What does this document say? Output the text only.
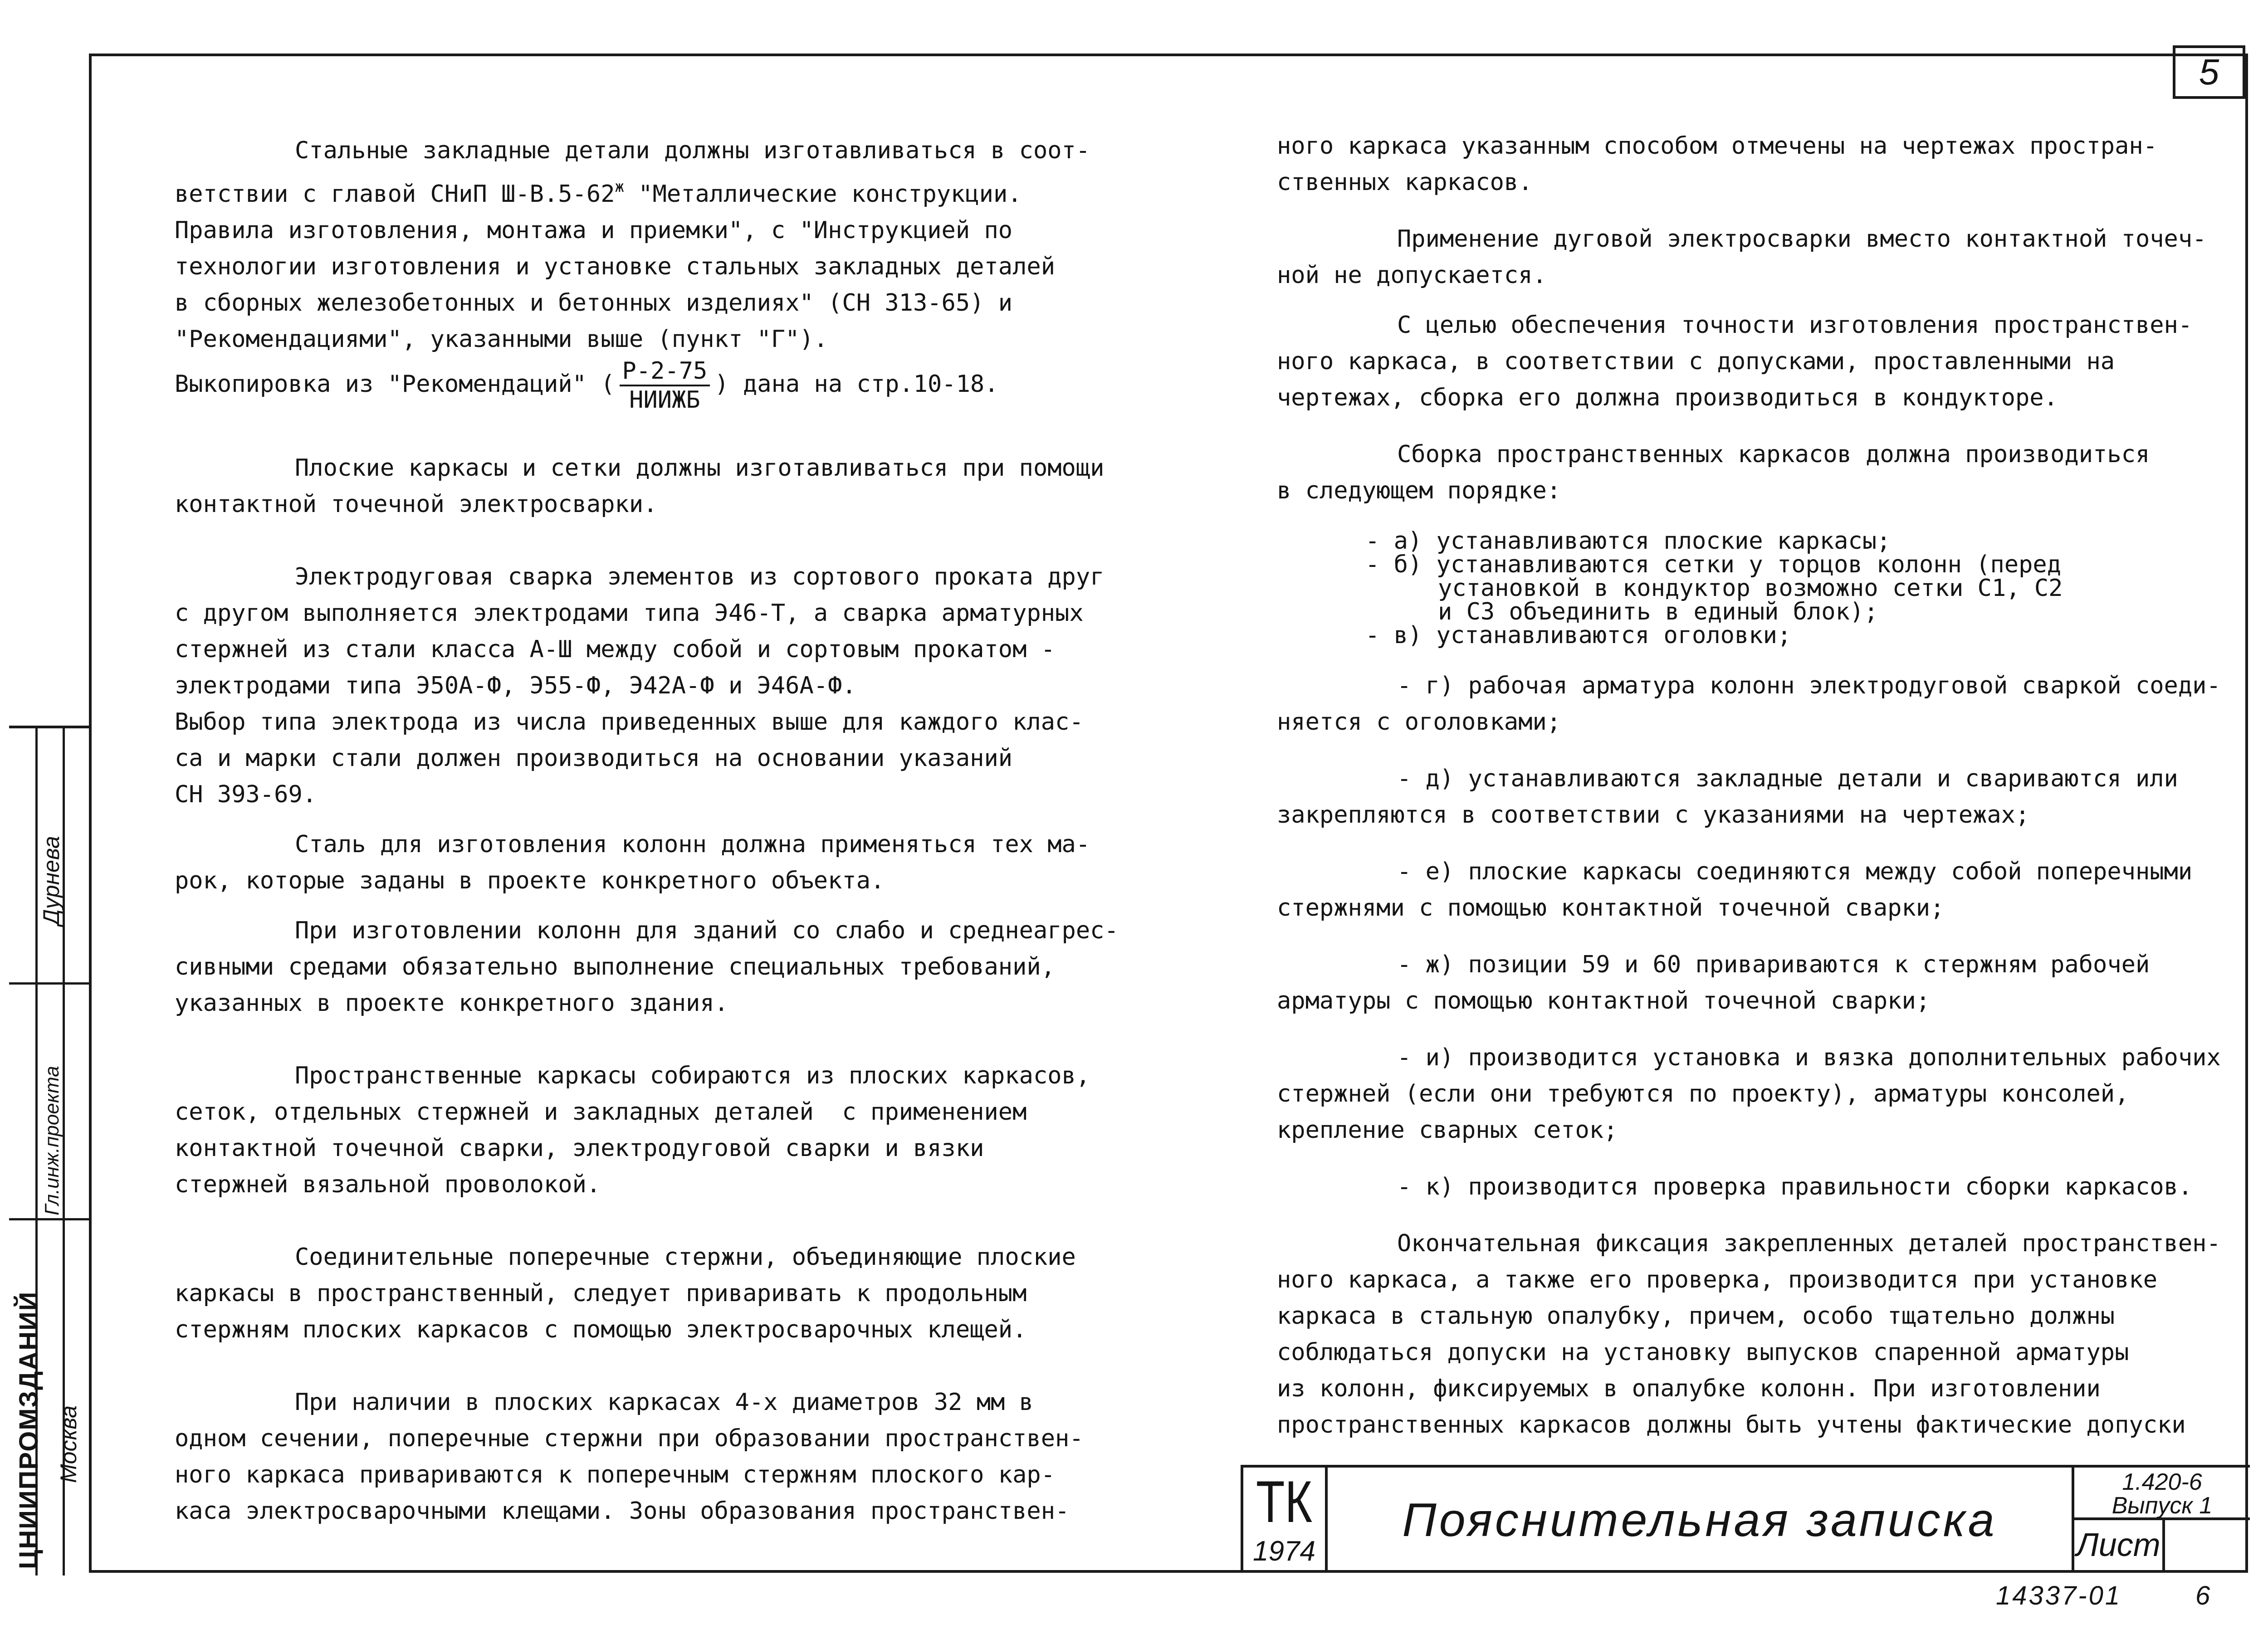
5

Стальные закладные детали должны изготавливаться в соот-

ветствии с главой СНиП $Ш-В.5-62^ж$ "Металлические конструкции.

Правила изготовления, монтажа и приемки", с "Инструкцией по

технологии изготовления и установке стальных закладных деталей

в сборных железобетонных и бетонных изделиях" (СН 313-65) и

"Рекомендациями", указанными выше (пункт "Г").

Выкопировка из "Рекомендаций" ( $\frac{Р-2-75}{\text{НИИЖБ}}$ ) дана на стр.10-18.

Плоские каркасы и сетки должны изготавливаться при помощи

контактной точечной электросварки.

Электродуговая сварка элементов из сортового проката друг

с другом выполняется электродами типа Э46-Т, а сварка арматурных

стержней из стали класса А-Ш между собой и сортовым прокатом -

электродами типа Э50А-Ф, Э55-Ф, Э42А-Ф и Э46А-Ф.

Выбор типа электрода из числа приведенных выше для каждого клас-

са и марки стали должен производиться на основании указаний

СН 393-69.

Сталь для изготовления колонн должна применяться тех ма-

рок, которые заданы в проекте конкретного объекта.

При изготовлении колонн для зданий со слабо и среднеагрес-

сивными средами обязательно выполнение специальных требований,

указанных в проекте конкретного здания.

Пространственные каркасы собираются из плоских каркасов,

сеток, отдельных стержней и закладных деталей  с применением

контактной точечной сварки, электродуговой сварки и вязки

стержней вязальной проволокой.

Соединительные поперечные стержни, объединяющие плоские

каркасы в пространственный, следует приваривать к продольным

стержням плоских каркасов с помощью электросварочных клещей.

При наличии в плоских каркасах 4-х диаметров 32 мм в

одном сечении, поперечные стержни при образовании пространствен-

ного каркаса привариваются к поперечным стержням плоского кар-

каса электросварочными клещами. Зоны образования пространствен-

ного каркаса указанным способом отмечены на чертежах простран-

ственных каркасов.

Применение дуговой электросварки вместо контактной точеч-

ной не допускается.

С целью обеспечения точности изготовления пространствен-

ного каркаса, в соответствии с допусками, проставленными на

чертежах, сборка его должна производиться в кондукторе.

Сборка пространственных каркасов должна производиться

в следующем порядке:

- а) устанавливаются плоские каркасы;

- б) устанавливаются сетки у торцов колонн (перед

установкой в кондуктор возможно сетки С1, С2

и С3 объединить в единый блок);

- в) устанавливаются оголовки;

- г) рабочая арматура колонн электродуговой сваркой соеди-

няется с оголовками;

- д) устанавливаются закладные детали и свариваются или

закрепляются в соответствии с указаниями на чертежах;

- е) плоские каркасы соединяются между собой поперечными

стержнями с помощью контактной точечной сварки;

- ж) позиции 59 и 60 привариваются к стержням рабочей

арматуры с помощью контактной точечной сварки;

- и) производится установка и вязка дополнительных рабочих

стержней (если они требуются по проекту), арматуры консолей,

крепление сварных сеток;

- к) производится проверка правильности сборки каркасов.

Окончательная фиксация закрепленных деталей пространствен-

ного каркаса, а также его проверка, производится при установке

каркаса в стальную опалубку, причем, особо тщательно должны

соблюдаться допуски на установку выпусков спаренной арматуры

из колонн, фиксируемых в опалубке колонн. При изготовлении

пространственных каркасов должны быть учтены фактические допуски

ТК
1974
Пояснительная записка
1.420-6
Выпуск 1
Лист
ЦНИИПРОМЗДАНИЙ Москва
Гл.инж.проекта
Дурнева
14337-01	6
